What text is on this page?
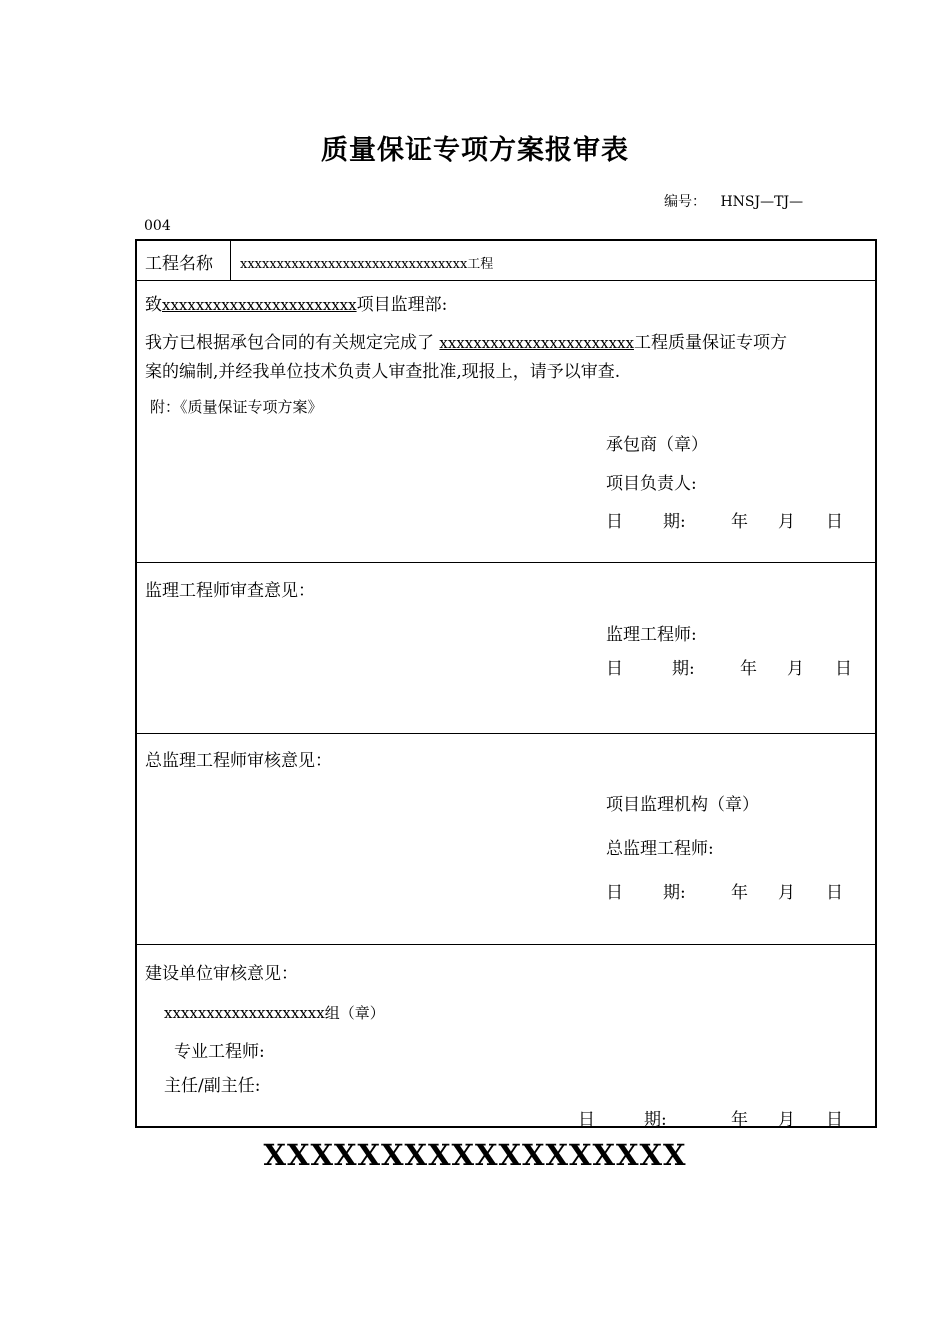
质量保证专项方案报审表
编号： HNSJ—TJ—
004
工程名称 xxxxxxxxxxxxxxxxxxxxxxxxxxxxxxx工程
致xxxxxxxxxxxxxxxxxxxxxxx项目监理部:
我方已根据承包合同的有关规定完成了 xxxxxxxxxxxxxxxxxxxxxxx工程质量保证专项方
案的编制,并经我单位技术负责人审查批准,现报上，请予以审查.
附：《质量保证专项方案》
承包商（章）
项目负责人:
日 期:	年 月 日
监理工程师审查意见：
监理工程师:
日	期:	年 月 日
总监理工程师审核意见：
项目监理机构（章）
总监理工程师:
日 期:	年 月 日
建设单位审核意见：
xxxxxxxxxxxxxxxxxxx组（章）
专业工程师:
主任/副主任:
日	期:	年 月 日
XXXXXXXXXXXXXXXXXX
